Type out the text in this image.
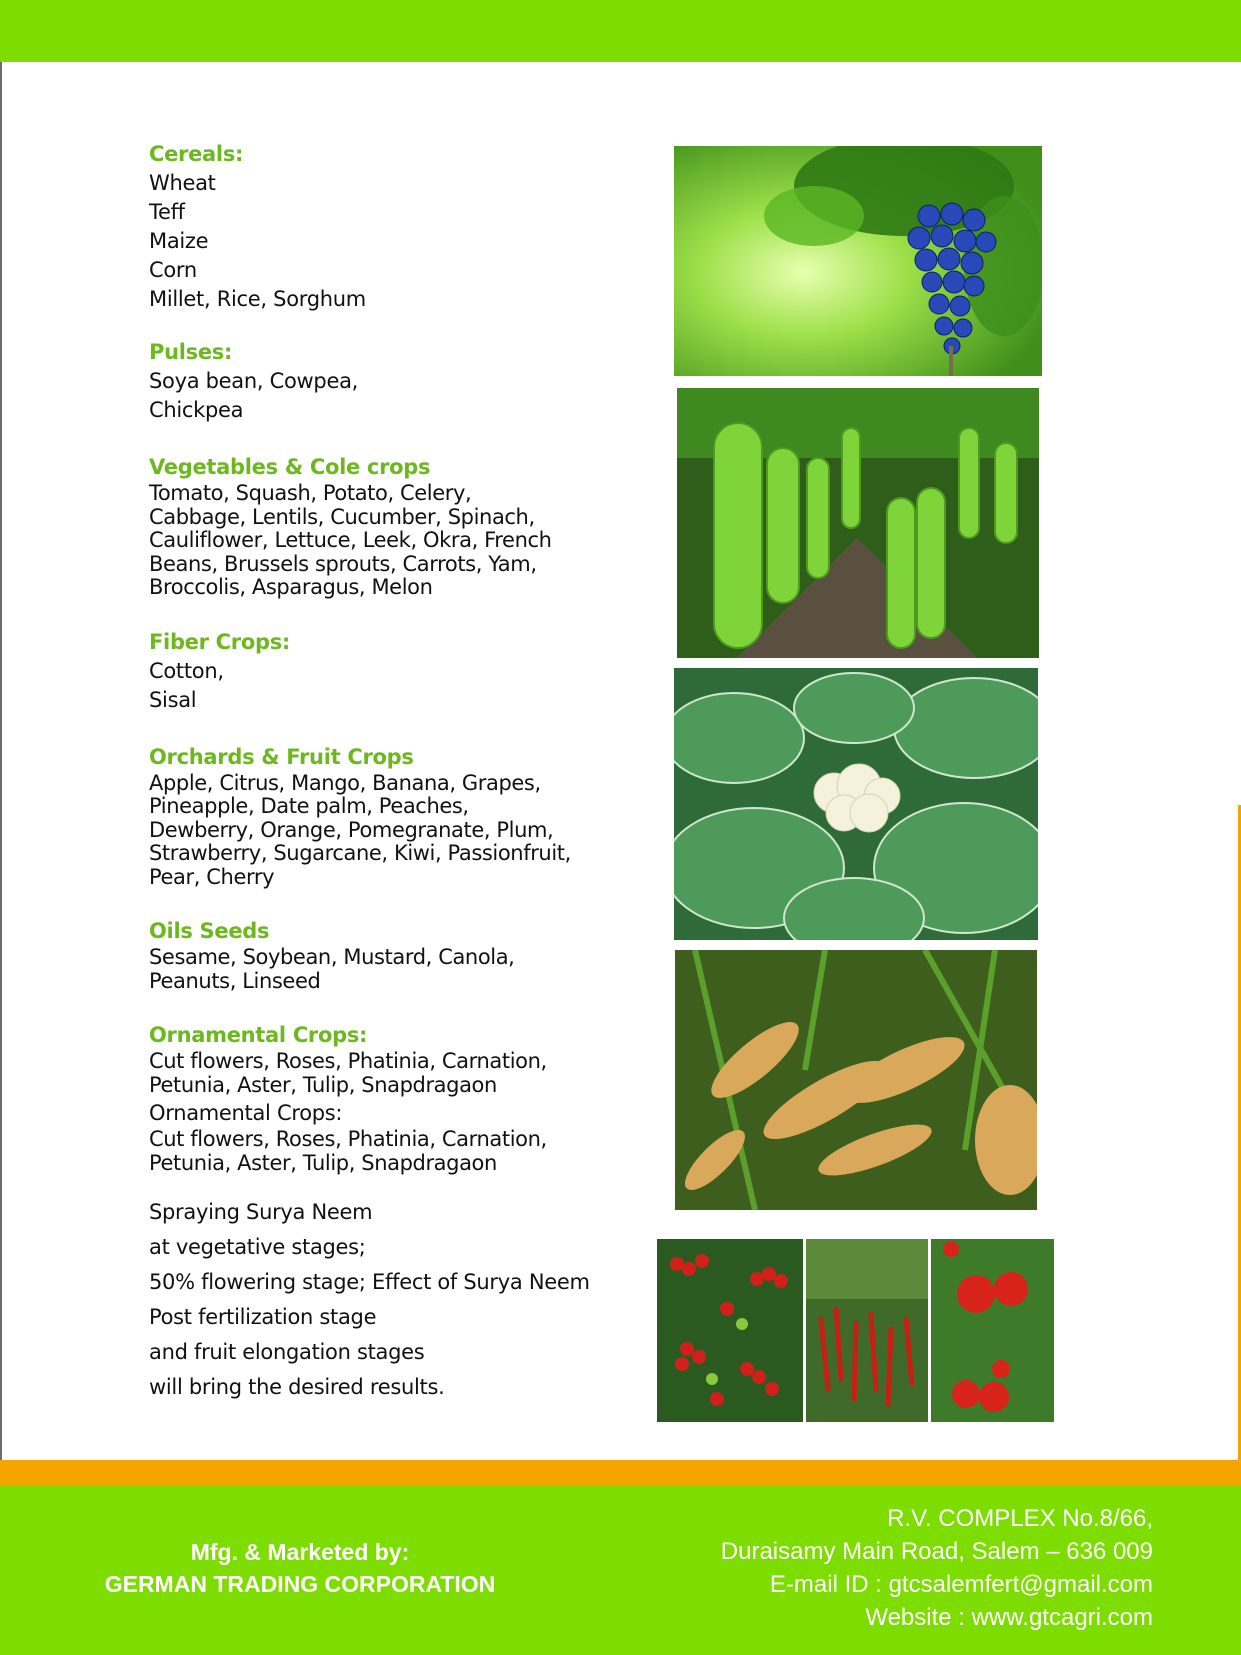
Cereals:
Wheat
Teff
Maize
Corn
Millet, Rice, Sorghum
Pulses:
Soya bean, Cowpea,
Chickpea
Vegetables & Cole crops
Tomato, Squash, Potato, Celery,
Cabbage, Lentils, Cucumber, Spinach,
Cauliflower, Lettuce, Leek, Okra, French
Beans, Brussels sprouts, Carrots, Yam,
Broccolis, Asparagus, Melon
Fiber Crops:
Cotton,
Sisal
Orchards & Fruit Crops
Apple, Citrus, Mango, Banana, Grapes,
Pineapple, Date palm, Peaches,
Dewberry, Orange, Pomegranate, Plum,
Strawberry, Sugarcane, Kiwi, Passionfruit,
Pear, Cherry
Oils Seeds
Sesame, Soybean, Mustard, Canola,
Peanuts, Linseed
Ornamental Crops:
Cut flowers, Roses, Phatinia, Carnation,
Petunia, Aster, Tulip, Snapdragaon
Ornamental Crops:
Cut flowers, Roses, Phatinia, Carnation,
Petunia, Aster, Tulip, Snapdragaon
Spraying Surya Neem
at vegetative stages;
50% flowering stage; Effect of Surya Neem
Post fertilization stage
and fruit elongation stages
will bring the desired results.
Mfg. & Marketed by:
GERMAN TRADING CORPORATION
R.V. COMPLEX No.8/66,
Duraisamy Main Road, Salem – 636 009
E-mail ID : gtcsalemfert@gmail.com
Website : www.gtcagri.com
